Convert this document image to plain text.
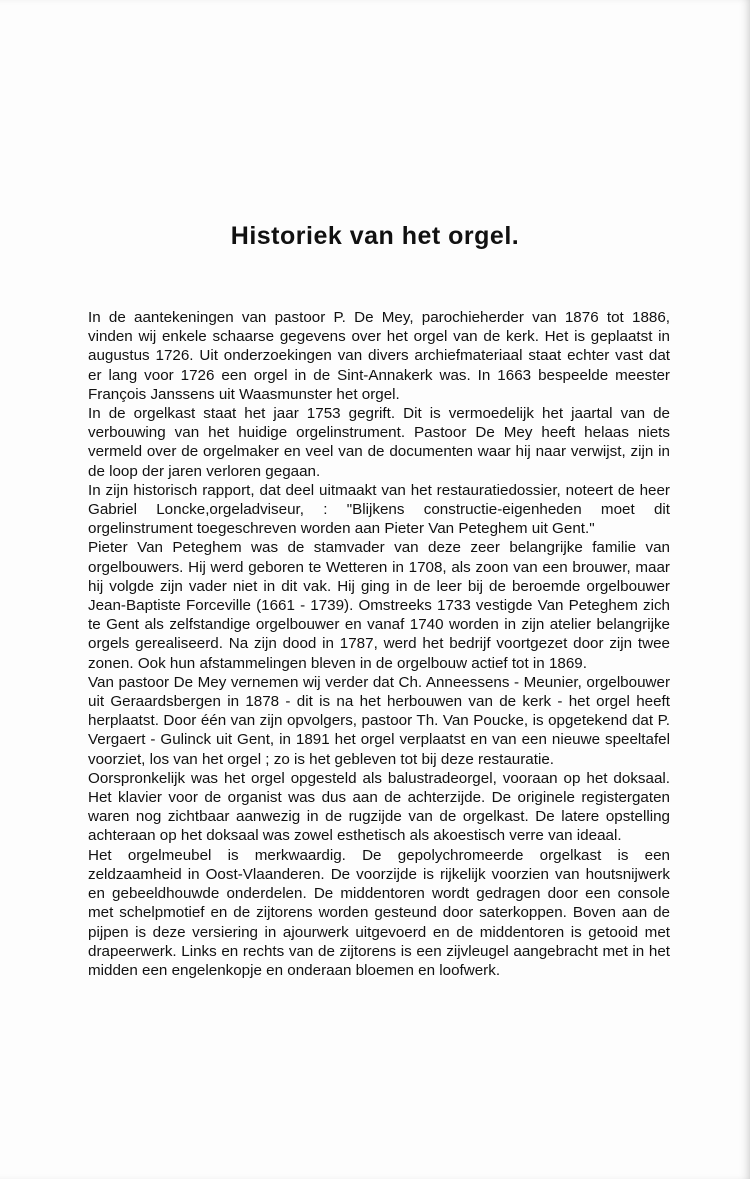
Historiek van het orgel.

In de aantekeningen van pastoor P. De Mey, parochieherder van 1876 tot 1886, vinden wij enkele schaarse gegevens over het orgel van de kerk. Het is geplaatst in augustus 1726. Uit onderzoekingen van divers archiefmateriaal staat echter vast dat er lang voor 1726 een orgel in de Sint-Annakerk was. In 1663 bespeelde meester François Janssens uit Waasmunster het orgel.

In de orgelkast staat het jaar 1753 gegrift. Dit is vermoedelijk het jaartal van de verbouwing van het huidige orgelinstrument. Pastoor De Mey heeft helaas niets vermeld over de orgelmaker en veel van de documenten waar hij naar verwijst, zijn in de loop der jaren verloren gegaan.

In zijn historisch rapport, dat deel uitmaakt van het restauratiedossier, noteert de heer Gabriel Loncke,orgeladviseur, : "Blijkens constructie-eigenheden moet dit orgelinstrument toegeschreven worden aan Pieter Van Peteghem uit Gent."

Pieter Van Peteghem was de stamvader van deze zeer belangrijke familie van orgelbouwers. Hij werd geboren te Wetteren in 1708, als zoon van een brouwer, maar hij volgde zijn vader niet in dit vak. Hij ging in de leer bij de beroemde orgelbouwer Jean-Baptiste Forceville (1661 - 1739). Omstreeks 1733 vestigde Van Peteghem zich te Gent als zelfstandige orgelbouwer en vanaf 1740 worden in zijn atelier belangrijke orgels gerealiseerd. Na zijn dood in 1787, werd het bedrijf voortgezet door zijn twee zonen. Ook hun afstammelingen bleven in de orgelbouw actief tot in 1869.

Van pastoor De Mey vernemen wij verder dat Ch. Anneessens - Meunier, orgelbouwer uit Geraardsbergen in 1878 - dit is na het herbouwen van de kerk - het orgel heeft herplaatst. Door één van zijn opvolgers, pastoor Th. Van Poucke, is opgetekend dat P. Vergaert - Gulinck uit Gent, in 1891 het orgel verplaatst en van een nieuwe speeltafel voorziet, los van het orgel ; zo is het gebleven tot bij deze restauratie.

Oorspronkelijk was het orgel opgesteld als balustradeorgel, vooraan op het doksaal. Het klavier voor de organist was dus aan de achterzijde. De originele registergaten waren nog zichtbaar aanwezig in de rugzijde van de orgelkast. De latere opstelling achteraan op het doksaal was zowel esthetisch als akoestisch verre van ideaal.

Het orgelmeubel is merkwaardig. De gepolychromeerde orgelkast is een zeldzaamheid in Oost-Vlaanderen. De voorzijde is rijkelijk voorzien van houtsnijwerk en gebeeldhouwde onderdelen. De middentoren wordt gedragen door een console met schelpmotief en de zijtorens worden gesteund door saterkoppen. Boven aan de pijpen is deze versiering in ajourwerk uitgevoerd en de middentoren is getooid met drapeerwerk. Links en rechts van de zijtorens is een zijvleugel aangebracht met in het midden een engelenkopje en onderaan bloemen en loofwerk.
